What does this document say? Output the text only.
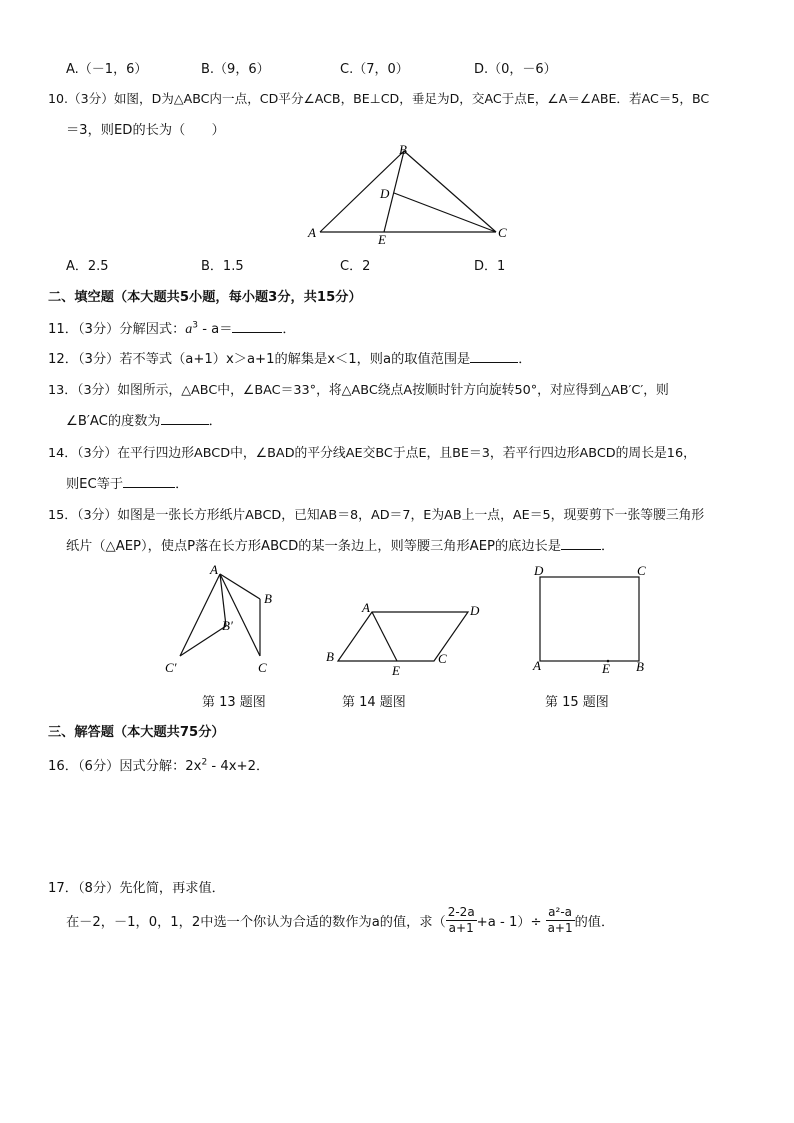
A.（－1，6）	B.（9，6）	C.（7，0）	D.（0，－6）
10.（3分）如图，D为△ABC内一点，CD平分∠ACB，BE⊥CD，垂足为D，交AC于点E，∠A＝∠ABE．若AC＝5，BC
＝3，则ED的长为（　　）
B
A	C
D
E
A．2.5	B．1.5	C．2	D．1
二、填空题（本大题共5小题，每小题3分，共15分）
11．（3分）分解因式：$a^3 - a=$	．
12．（3分）若不等式（a+1）x＞a+1的解集是x＜1，则a的取值范围是	．
13．（3分）如图所示，△ABC中，∠BAC＝33°，将△ABC绕点A按顺时针方向旋转50°，对应得到△AB′C′，则
∠B′AC的度数为	．
14．（3分）在平行四边形ABCD中，∠BAD的平分线AE交BC于点E，且BE＝3，若平行四边形ABCD的周长是16，
则EC等于	．
15．（3分）如图是一张长方形纸片ABCD，已知AB＝8，AD＝7，E为AB上一点，AE＝5，现要剪下一张等腰三角形
纸片（△AEP），使点P落在长方形ABCD的某一条边上，则等腰三角形AEP的底边长是	．
A
B
B′
C
C′
A	D
B	C
E
D	C
A	B
E
第 13 题图	第 14 题图	第 15 题图
三、解答题（本大题共75分）
16．（6分）因式分解：$2x^2 - 4x+2$．
17．（8分）先化简，再求值．
在－2，－1，0，1，2中选一个你认为合适的数作为a的值，求（ $\frac{2-2a}{a+1} +a - 1)\div \frac{\text{a²-a}}{a+1}$ 的值．
